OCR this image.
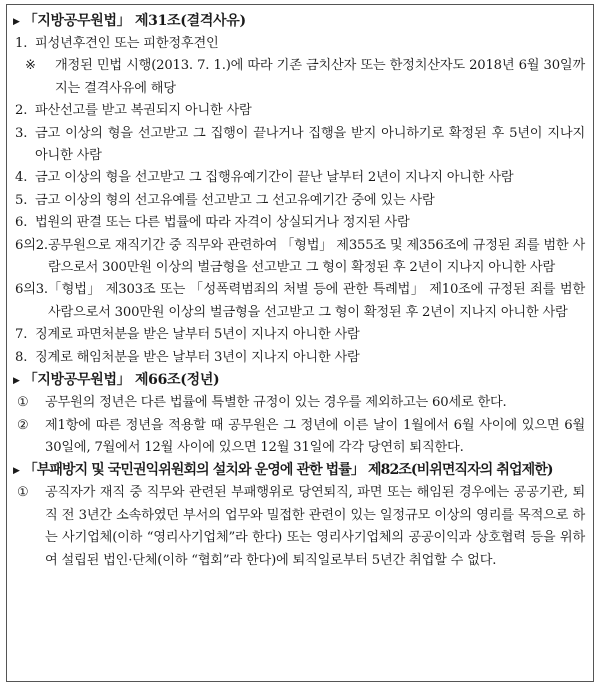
▶ 「지방공무원법」 제31조(결격사유)
1. 피성년후견인 또는 피한정후견인
※	개정된 민법 시행(2013. 7. 1.)에 따라 기존 금치산자 또는 한정치산자도 2018년 6월 30일까지는 결격사유에 해당
2. 파산선고를 받고 복권되지 아니한 사람
3. 금고 이상의 형을 선고받고 그 집행이 끝나거나 집행을 받지 아니하기로 확정된 후 5년이 지나지 아니한 사람
4. 금고 이상의 형을 선고받고 그 집행유예기간이 끝난 날부터 2년이 지나지 아니한 사람
5. 금고 이상의 형의 선고유예를 선고받고 그 선고유예기간 중에 있는 사람
6. 법원의 판결 또는 다른 법률에 따라 자격이 상실되거나 정지된 사람
6의2. 공무원으로 재직기간 중 직무와 관련하여 「형법」 제355조 및 제356조에 규정된 죄를 범한 사람으로서 300만원 이상의 벌금형을 선고받고 그 형이 확정된 후 2년이 지나지 아니한 사람
6의3. 「형법」 제303조 또는 「성폭력범죄의 처벌 등에 관한 특례법」 제10조에 규정된 죄를 범한 사람으로서 300만원 이상의 벌금형을 선고받고 그 형이 확정된 후 2년이 지나지 아니한 사람
7. 징계로 파면처분을 받은 날부터 5년이 지나지 아니한 사람
8. 징계로 해임처분을 받은 날부터 3년이 지나지 아니한 사람
▶ 「지방공무원법」 제66조(정년)
①	공무원의 정년은 다른 법률에 특별한 규정이 있는 경우를 제외하고는 60세로 한다.
②	제1항에 따른 정년을 적용할 때 공무원은 그 정년에 이른 날이 1월에서 6월 사이에 있으면 6월 30일에, 7월에서 12월 사이에 있으면 12월 31일에 각각 당연히 퇴직한다.
▶ 「부패방지 및 국민권익위원회의 설치와 운영에 관한 법률」 제82조(비위면직자의 취업제한)
①	공직자가 재직 중 직무와 관련된 부패행위로 당연퇴직, 파면 또는 해임된 경우에는 공공기관, 퇴직 전 3년간 소속하였던 부서의 업무와 밀접한 관련이 있는 일정규모 이상의 영리를 목적으로 하는 사기업체(이하 “영리사기업체”라 한다) 또는 영리사기업체의 공공이익과 상호협력 등을 위하여 설립된 법인·단체(이하 “협회”라 한다)에 퇴직일로부터 5년간 취업할 수 없다.
